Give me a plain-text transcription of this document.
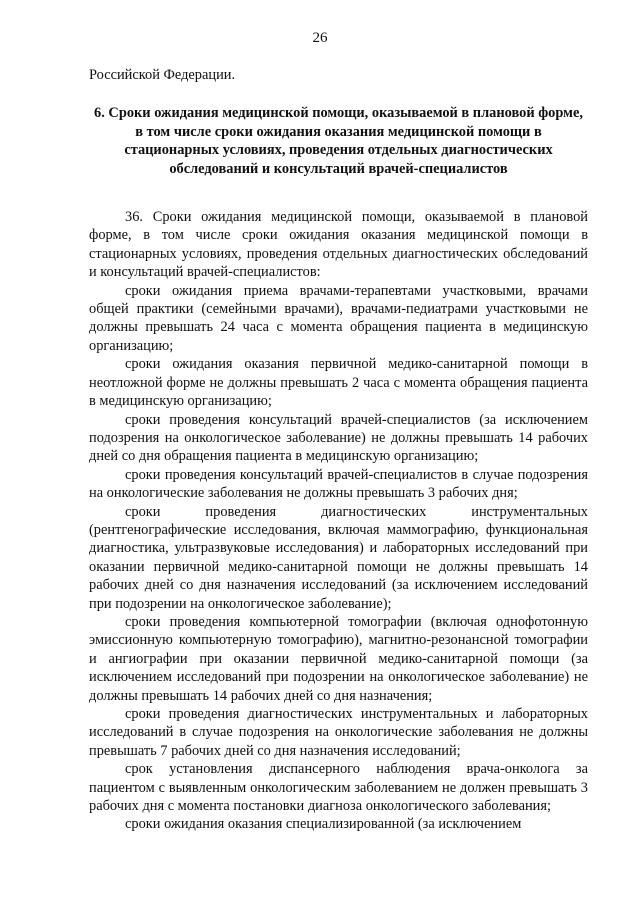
26

Российской Федерации.

6. Сроки ожидания медицинской помощи, оказываемой в плановой форме, в том числе сроки ожидания оказания медицинской помощи в стационарных условиях, проведения отдельных диагностических обследований и консультаций врачей-специалистов

36. Сроки ожидания медицинской помощи, оказываемой в плановой форме, в том числе сроки ожидания оказания медицинской помощи в стационарных условиях, проведения отдельных диагностических обследований и консультаций врачей-специалистов:

сроки ожидания приема врачами-терапевтами участковыми, врачами общей практики (семейными врачами), врачами-педиатрами участковыми не должны превышать 24 часа с момента обращения пациента в медицинскую организацию;

сроки ожидания оказания первичной медико-санитарной помощи в неотложной форме не должны превышать 2 часа с момента обращения пациента в медицинскую организацию;

сроки проведения консультаций врачей-специалистов (за исключением подозрения на онкологическое заболевание) не должны превышать 14 рабочих дней со дня обращения пациента в медицинскую организацию;

сроки проведения консультаций врачей-специалистов в случае подозрения на онкологические заболевания не должны превышать 3 рабочих дня;

сроки проведения диагностических инструментальных (рентгенографические исследования, включая маммографию, функциональная диагностика, ультразвуковые исследования) и лабораторных исследований при оказании первичной медико-санитарной помощи не должны превышать 14 рабочих дней со дня назначения исследований (за исключением исследований при подозрении на онкологическое заболевание);

сроки проведения компьютерной томографии (включая однофотонную эмиссионную компьютерную томографию), магнитно-резонансной томографии и ангиографии при оказании первичной медико-санитарной помощи (за исключением исследований при подозрении на онкологическое заболевание) не должны превышать 14 рабочих дней со дня назначения;

сроки проведения диагностических инструментальных и лабораторных исследований в случае подозрения на онкологические заболевания не должны превышать 7 рабочих дней со дня назначения исследований;

срок установления диспансерного наблюдения врача-онколога за пациентом с выявленным онкологическим заболеванием не должен превышать 3 рабочих дня с момента постановки диагноза онкологического заболевания;

сроки ожидания оказания специализированной (за исключением
